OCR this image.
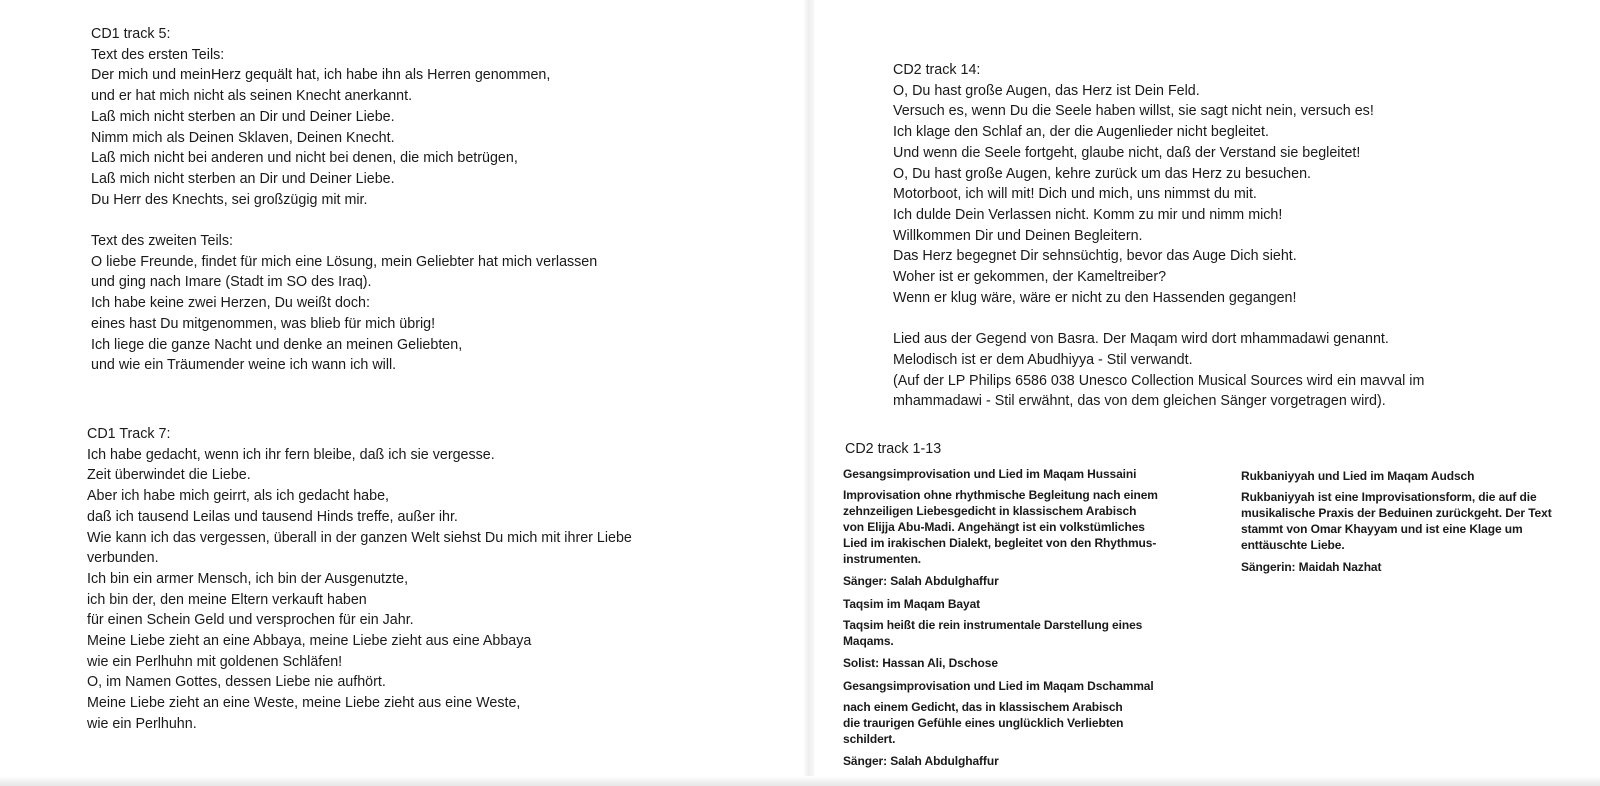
CD1 track 5:
Text des ersten Teils:
Der mich und meinHerz gequält hat, ich habe ihn als Herren genommen,
und er hat mich nicht als seinen Knecht anerkannt.
Laß mich nicht sterben an Dir und Deiner Liebe.
Nimm mich als Deinen Sklaven, Deinen Knecht.
Laß mich nicht bei anderen und nicht bei denen, die mich betrügen,
Laß mich nicht sterben an Dir und Deiner Liebe.
Du Herr des Knechts, sei großzügig mit mir.
Text des zweiten Teils:
O liebe Freunde, findet für mich eine Lösung, mein Geliebter hat mich verlassen
und ging nach Imare (Stadt im SO des Iraq).
Ich habe keine zwei Herzen, Du weißt doch:
eines hast Du mitgenommen, was blieb für mich übrig!
Ich liege die ganze Nacht und denke an meinen Geliebten,
und wie ein Träumender weine ich wann ich will.
CD1 Track 7:
Ich habe gedacht, wenn ich ihr fern bleibe, daß ich sie vergesse.
Zeit überwindet die Liebe.
Aber ich habe mich geirrt, als ich gedacht habe,
daß ich tausend Leilas und tausend Hinds treffe, außer ihr.
Wie kann ich das vergessen, überall in der ganzen Welt siehst Du mich mit ihrer Liebe
verbunden.
Ich bin ein armer Mensch, ich bin der Ausgenutzte,
ich bin der, den meine Eltern verkauft haben
für einen Schein Geld und versprochen für ein Jahr.
Meine Liebe zieht an eine Abbaya, meine Liebe zieht aus eine Abbaya
wie ein Perlhuhn mit goldenen Schläfen!
O, im Namen Gottes, dessen Liebe nie aufhört.
Meine Liebe zieht an eine Weste, meine Liebe zieht aus eine Weste,
wie ein Perlhuhn.
CD2 track 14:
O, Du hast große Augen, das Herz ist Dein Feld.
Versuch es, wenn Du die Seele haben willst, sie sagt nicht nein, versuch es!
Ich klage den Schlaf an, der die Augenlieder nicht begleitet.
Und wenn die Seele fortgeht, glaube nicht, daß der Verstand sie begleitet!
O, Du hast große Augen, kehre zurück um das Herz zu besuchen.
Motorboot, ich will mit! Dich und mich, uns nimmst du mit.
Ich dulde Dein Verlassen nicht. Komm zu mir und nimm mich!
Willkommen Dir und Deinen Begleitern.
Das Herz begegnet Dir sehnsüchtig, bevor das Auge Dich sieht.
Woher ist er gekommen, der Kameltreiber?
Wenn er klug wäre, wäre er nicht zu den Hassenden gegangen!
Lied aus der Gegend von Basra. Der Maqam wird dort mhammadawi genannt.
Melodisch ist er dem Abudhiyya - Stil verwandt.
(Auf der LP Philips 6586 038 Unesco Collection Musical Sources wird ein mavval im
mhammadawi - Stil erwähnt, das von dem gleichen Sänger vorgetragen wird).
CD2 track 1-13
Gesangsimprovisation und Lied im Maqam Hussaini
Improvisation ohne rhythmische Begleitung nach einem
zehnzeiligen Liebesgedicht in klassischem Arabisch
von Elijja Abu-Madi. Angehängt ist ein volkstümliches
Lied im irakischen Dialekt, begleitet von den Rhythmus-
instrumenten.
Sänger: Salah Abdulghaffur
Taqsim im Maqam Bayat
Taqsim heißt die rein instrumentale Darstellung eines
Maqams.
Solist: Hassan Ali, Dschose
Gesangsimprovisation und Lied im Maqam Dschammal
nach einem Gedicht, das in klassischem Arabisch
die traurigen Gefühle eines unglücklich Verliebten
schildert.
Sänger: Salah Abdulghaffur
Rukbaniyyah und Lied im Maqam Audsch
Rukbaniyyah ist eine Improvisationsform, die auf die
musikalische Praxis der Beduinen zurückgeht. Der Text
stammt von Omar Khayyam und ist eine Klage um
enttäuschte Liebe.
Sängerin: Maidah Nazhat
